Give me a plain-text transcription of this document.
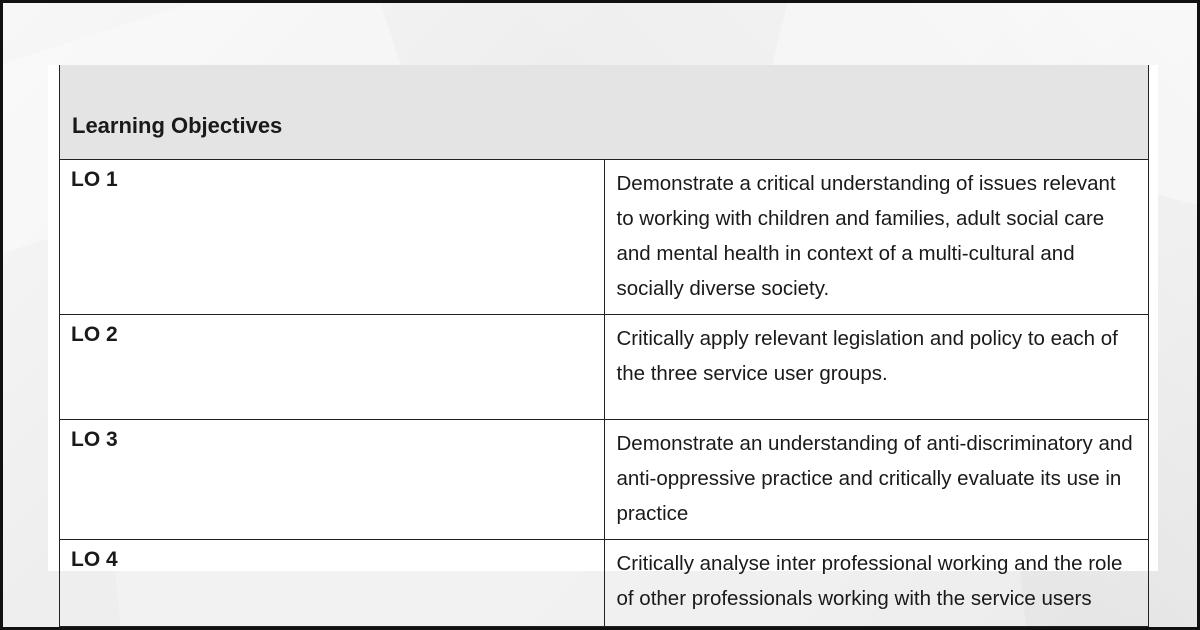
Learning Objectives	
LO 1	Demonstrate a critical understanding of issues relevant to working with children and families, adult social care and mental health in context of a multi-cultural and socially diverse society.
LO 2	Critically apply relevant legislation and policy to each of the three service user groups.
LO 3	Demonstrate an understanding of anti-discriminatory and anti-oppressive practice and critically evaluate its use in practice
LO 4	Critically analyse inter professional working and the role of other professionals working with the service users
